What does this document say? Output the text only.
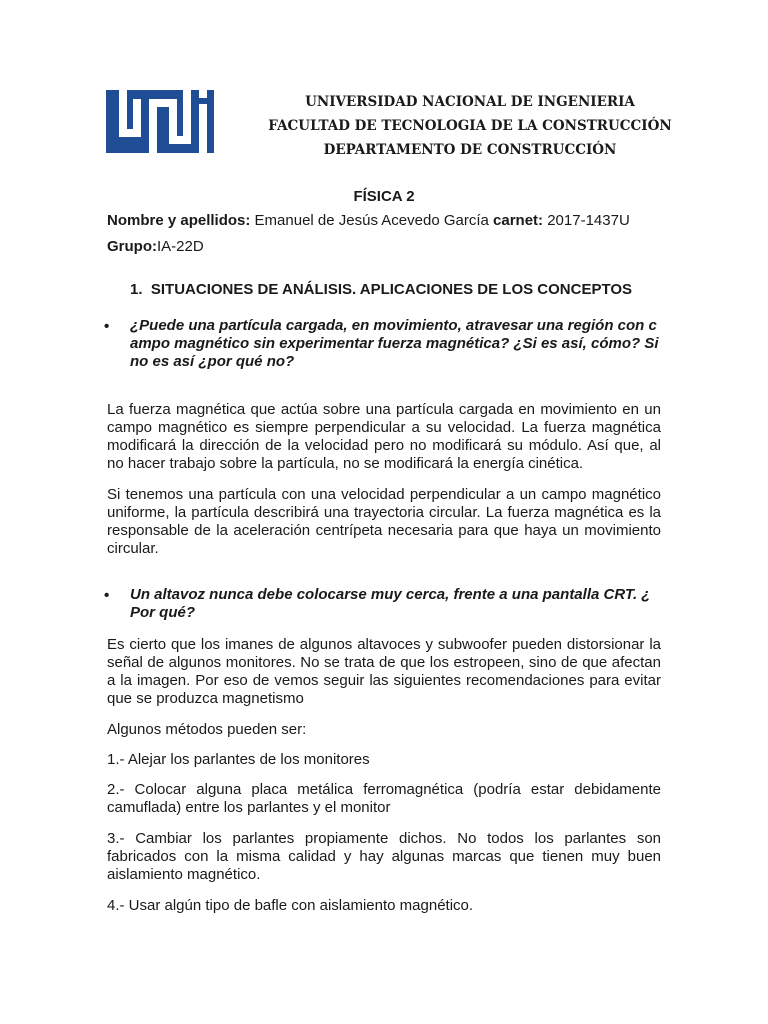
UNIVERSIDAD NACIONAL DE INGENIERIA
FACULTAD DE TECNOLOGIA DE LA CONSTRUCCIÓN
DEPARTAMENTO DE CONSTRUCCIÓN
FÍSICA 2
Nombre y apellidos: Emanuel de Jesús Acevedo García carnet: 2017-1437U
Grupo:IA-22D
1. SITUACIONES DE ANÁLISIS. APLICACIONES DE LOS CONCEPTOS
• ¿Puede una partícula cargada, en movimiento, atravesar una región con c
ampo magnético sin experimentar fuerza magnética? ¿Si es así, cómo? Si
no es así ¿por qué no?
La fuerza magnética que actúa sobre una partícula cargada en movimiento en un campo magnético es siempre perpendicular a su velocidad. La fuerza magnética modificará la dirección de la velocidad pero no modificará su módulo. Así que, al no hacer trabajo sobre la partícula, no se modificará la energía cinética.
Si tenemos una partícula con una velocidad perpendicular a un campo magnético uniforme, la partícula describirá una trayectoria circular. La fuerza magnética es la responsable de la aceleración centrípeta necesaria para que haya un movimiento circular.
• Un altavoz nunca debe colocarse muy cerca, frente a una pantalla CRT. ¿
Por qué?
Es cierto que los imanes de algunos altavoces y subwoofer pueden distorsionar la señal de algunos monitores. No se trata de que los estropeen, sino de que afectan a la imagen. Por eso de vemos seguir las siguientes recomendaciones para evitar que se produzca magnetismo
Algunos métodos pueden ser:
1.- Alejar los parlantes de los monitores
2.- Colocar alguna placa metálica ferromagnética (podría estar debidamente camuflada) entre los parlantes y el monitor
3.- Cambiar los parlantes propiamente dichos. No todos los parlantes son fabricados con la misma calidad y hay algunas marcas que tienen muy buen aislamiento magnético.
4.- Usar algún tipo de bafle con aislamiento magnético.
